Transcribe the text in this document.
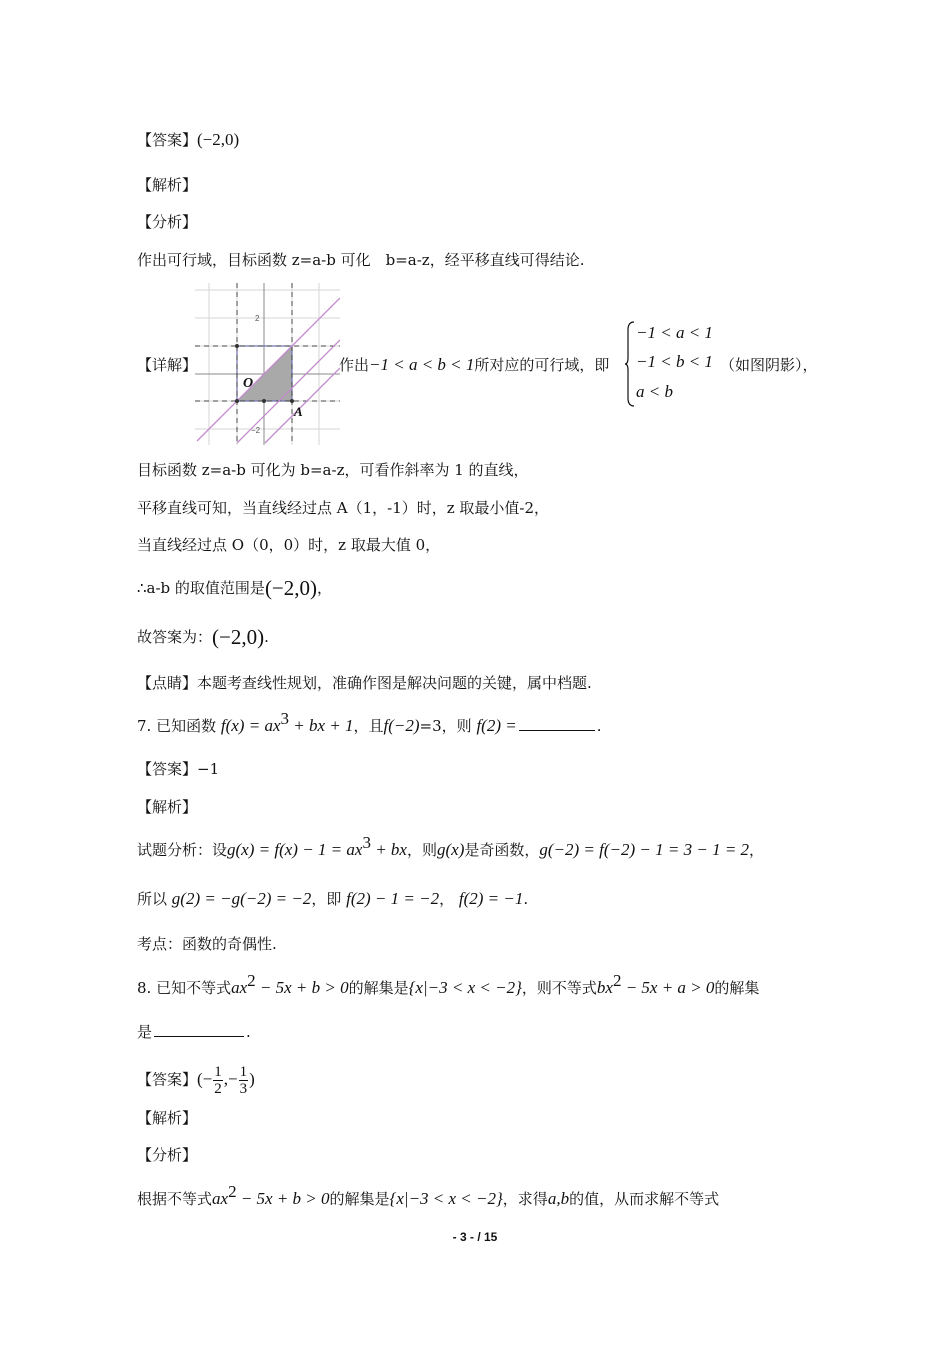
【答案】(−2,0)
【解析】
【分析】
作出可行域，目标函数 z=a-b 可化　b=a-z，经平移直线可得结论.
2
−2
O
A
【详解】	作出−1 < a < b < 1所对应的可行域，即
−1 < a < 1
−1 < b < 1
a < b
（如图阴影），
目标函数 z=a-b 可化为 b=a-z，可看作斜率为 1 的直线，
平移直线可知，当直线经过点 A（1，-1）时，z 取最小值-2，
当直线经过点 O（0，0）时，z 取最大值 0，
∴a-b 的取值范围是(−2,0)，
故答案为：(−2,0).
【点睛】本题考查线性规划，准确作图是解决问题的关键，属中档题.
7. 已知函数 $f(x) = ax^3$ + bx + 1，且f(−2)=3，则 f(2) =	.
【答案】−1
【解析】
试题分析：设$g(x) = f(x) - 1 = ax^3$ + bx，则g(x)是奇函数，g(−2) = f(−2) − 1 = 3 − 1 = 2，
所以 g(2) = −g(−2) = −2，即 f(2) − 1 = −2， f(2) = −1.
考点：函数的奇偶性.
8. 已知不等式$ax^2 - 5x + b > 0$的解集是{x|−3 < x < −2}，则不等式$bx^2 - 5x + a > 0$的解集
是	.
【答案】(− $\frac{1}{2}$ ,− $\frac{1}{3}$ )
【解析】
【分析】
根据不等式$ax^2 - 5x + b > 0$的解集是{x|−3 < x < −2}，求得a,b的值，从而求解不等式
- 3 - / 15
